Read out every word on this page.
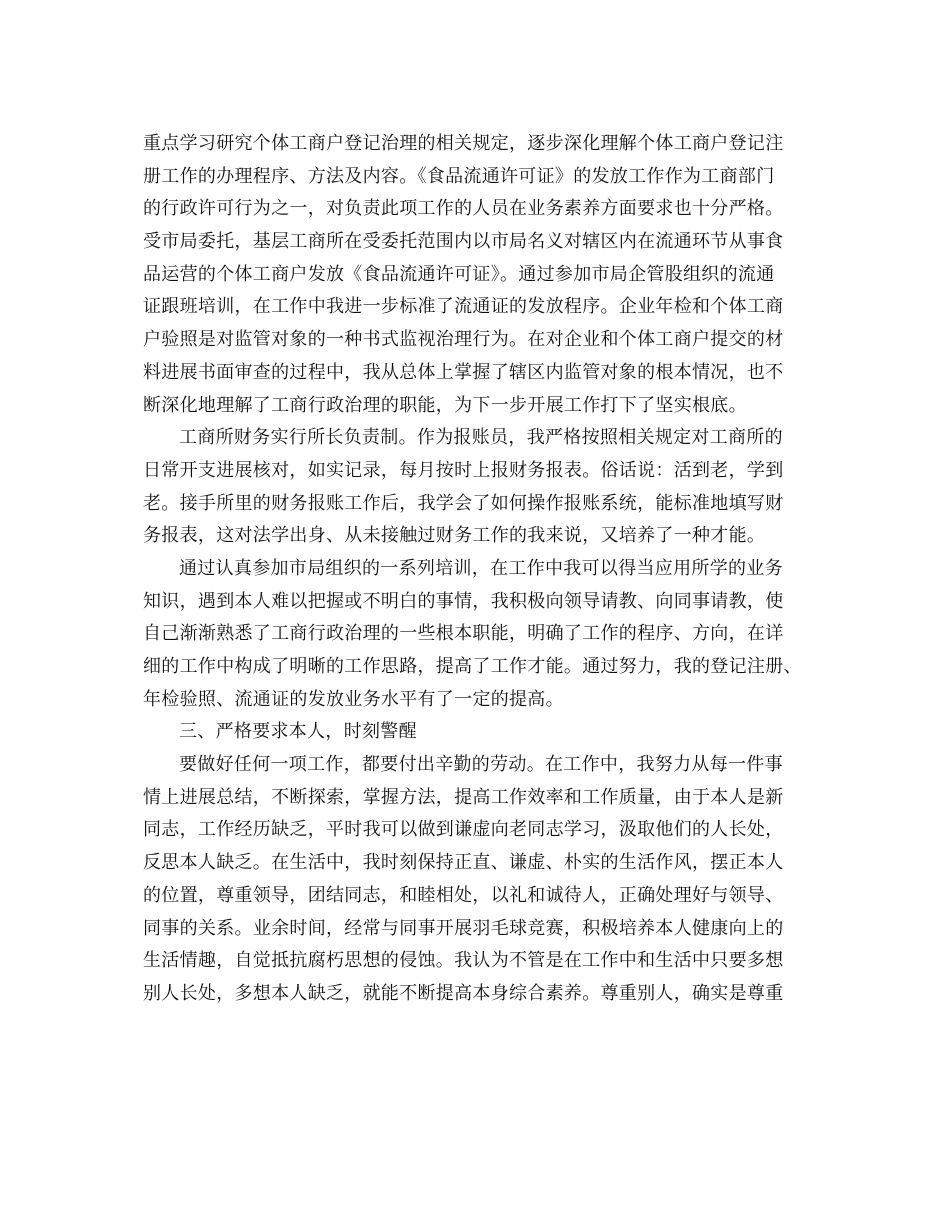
重点学习研究个体工商户登记治理的相关规定，逐步深化理解个体工商户登记注
册工作的办理程序、方法及内容。《食品流通许可证》的发放工作作为工商部门
的行政许可行为之一，对负责此项工作的人员在业务素养方面要求也十分严格。
受市局委托，基层工商所在受委托范围内以市局名义对辖区内在流通环节从事食
品运营的个体工商户发放《食品流通许可证》。通过参加市局企管股组织的流通
证跟班培训，在工作中我进一步标准了流通证的发放程序。企业年检和个体工商
户验照是对监管对象的一种书式监视治理行为。在对企业和个体工商户提交的材
料进展书面审查的过程中，我从总体上掌握了辖区内监管对象的根本情况，也不
断深化地理解了工商行政治理的职能，为下一步开展工作打下了坚实根底。
工商所财务实行所长负责制。作为报账员，我严格按照相关规定对工商所的
日常开支进展核对，如实记录，每月按时上报财务报表。俗话说：活到老，学到
老。接手所里的财务报账工作后，我学会了如何操作报账系统，能标准地填写财
务报表，这对法学出身、从未接触过财务工作的我来说，又培养了一种才能。
通过认真参加市局组织的一系列培训，在工作中我可以得当应用所学的业务
知识，遇到本人难以把握或不明白的事情，我积极向领导请教、向同事请教，使
自己渐渐熟悉了工商行政治理的一些根本职能，明确了工作的程序、方向，在详
细的工作中构成了明晰的工作思路，提高了工作才能。通过努力，我的登记注册、
年检验照、流通证的发放业务水平有了一定的提高。
三、严格要求本人，时刻警醒
要做好任何一项工作，都要付出辛勤的劳动。在工作中，我努力从每一件事
情上进展总结，不断探索，掌握方法，提高工作效率和工作质量，由于本人是新
同志，工作经历缺乏，平时我可以做到谦虚向老同志学习，汲取他们的人长处，
反思本人缺乏。在生活中，我时刻保持正直、谦虚、朴实的生活作风，摆正本人
的位置，尊重领导，团结同志，和睦相处，以礼和诚待人，正确处理好与领导、
同事的关系。业余时间，经常与同事开展羽毛球竞赛，积极培养本人健康向上的
生活情趣，自觉抵抗腐朽思想的侵蚀。我认为不管是在工作中和生活中只要多想
别人长处，多想本人缺乏，就能不断提高本身综合素养。尊重别人，确实是尊重
